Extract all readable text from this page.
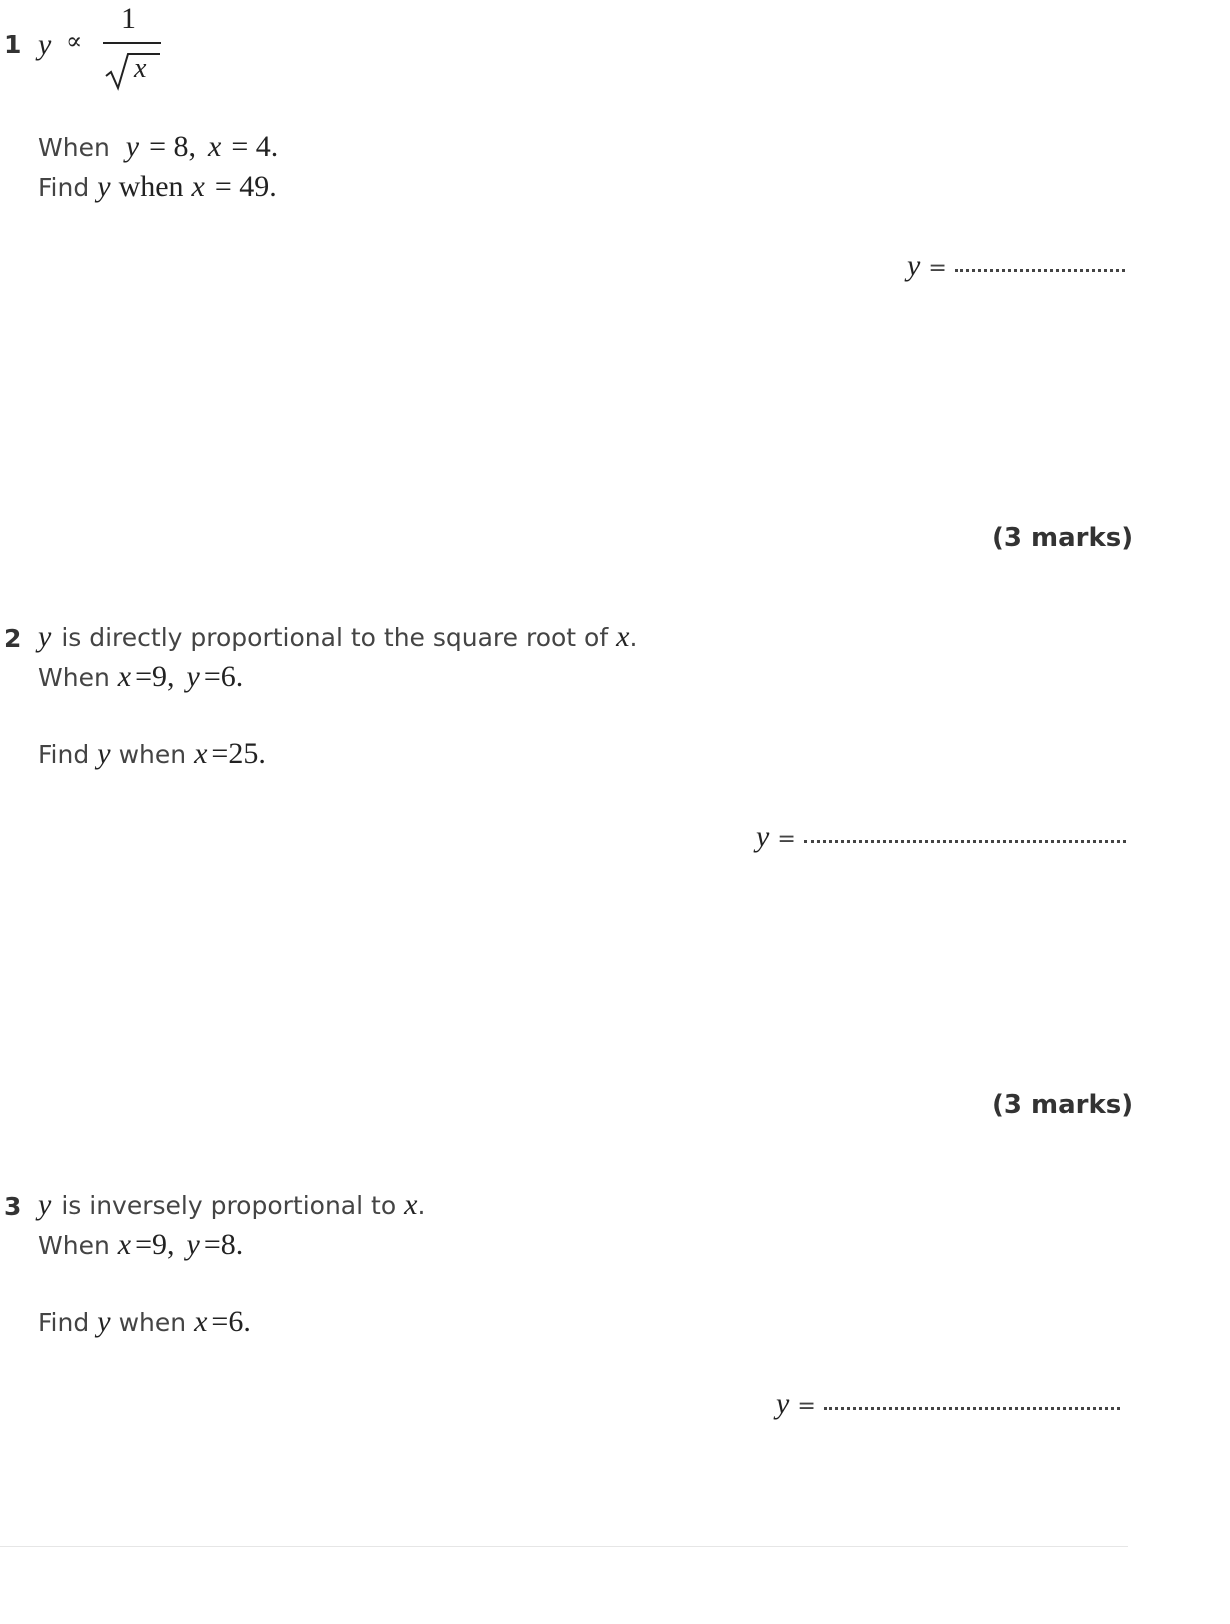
1 y ∝
1
x
When y = 8, x = 4.
Find y when x = 49.
y =
(3 marks)
2 y is directly proportional to the square root of x .
When x =9, y =6.
Find y when x =25.
y =
(3 marks)
3 y is inversely proportional to x .
When x =9, y =8.
Find y when x =6.
y =
